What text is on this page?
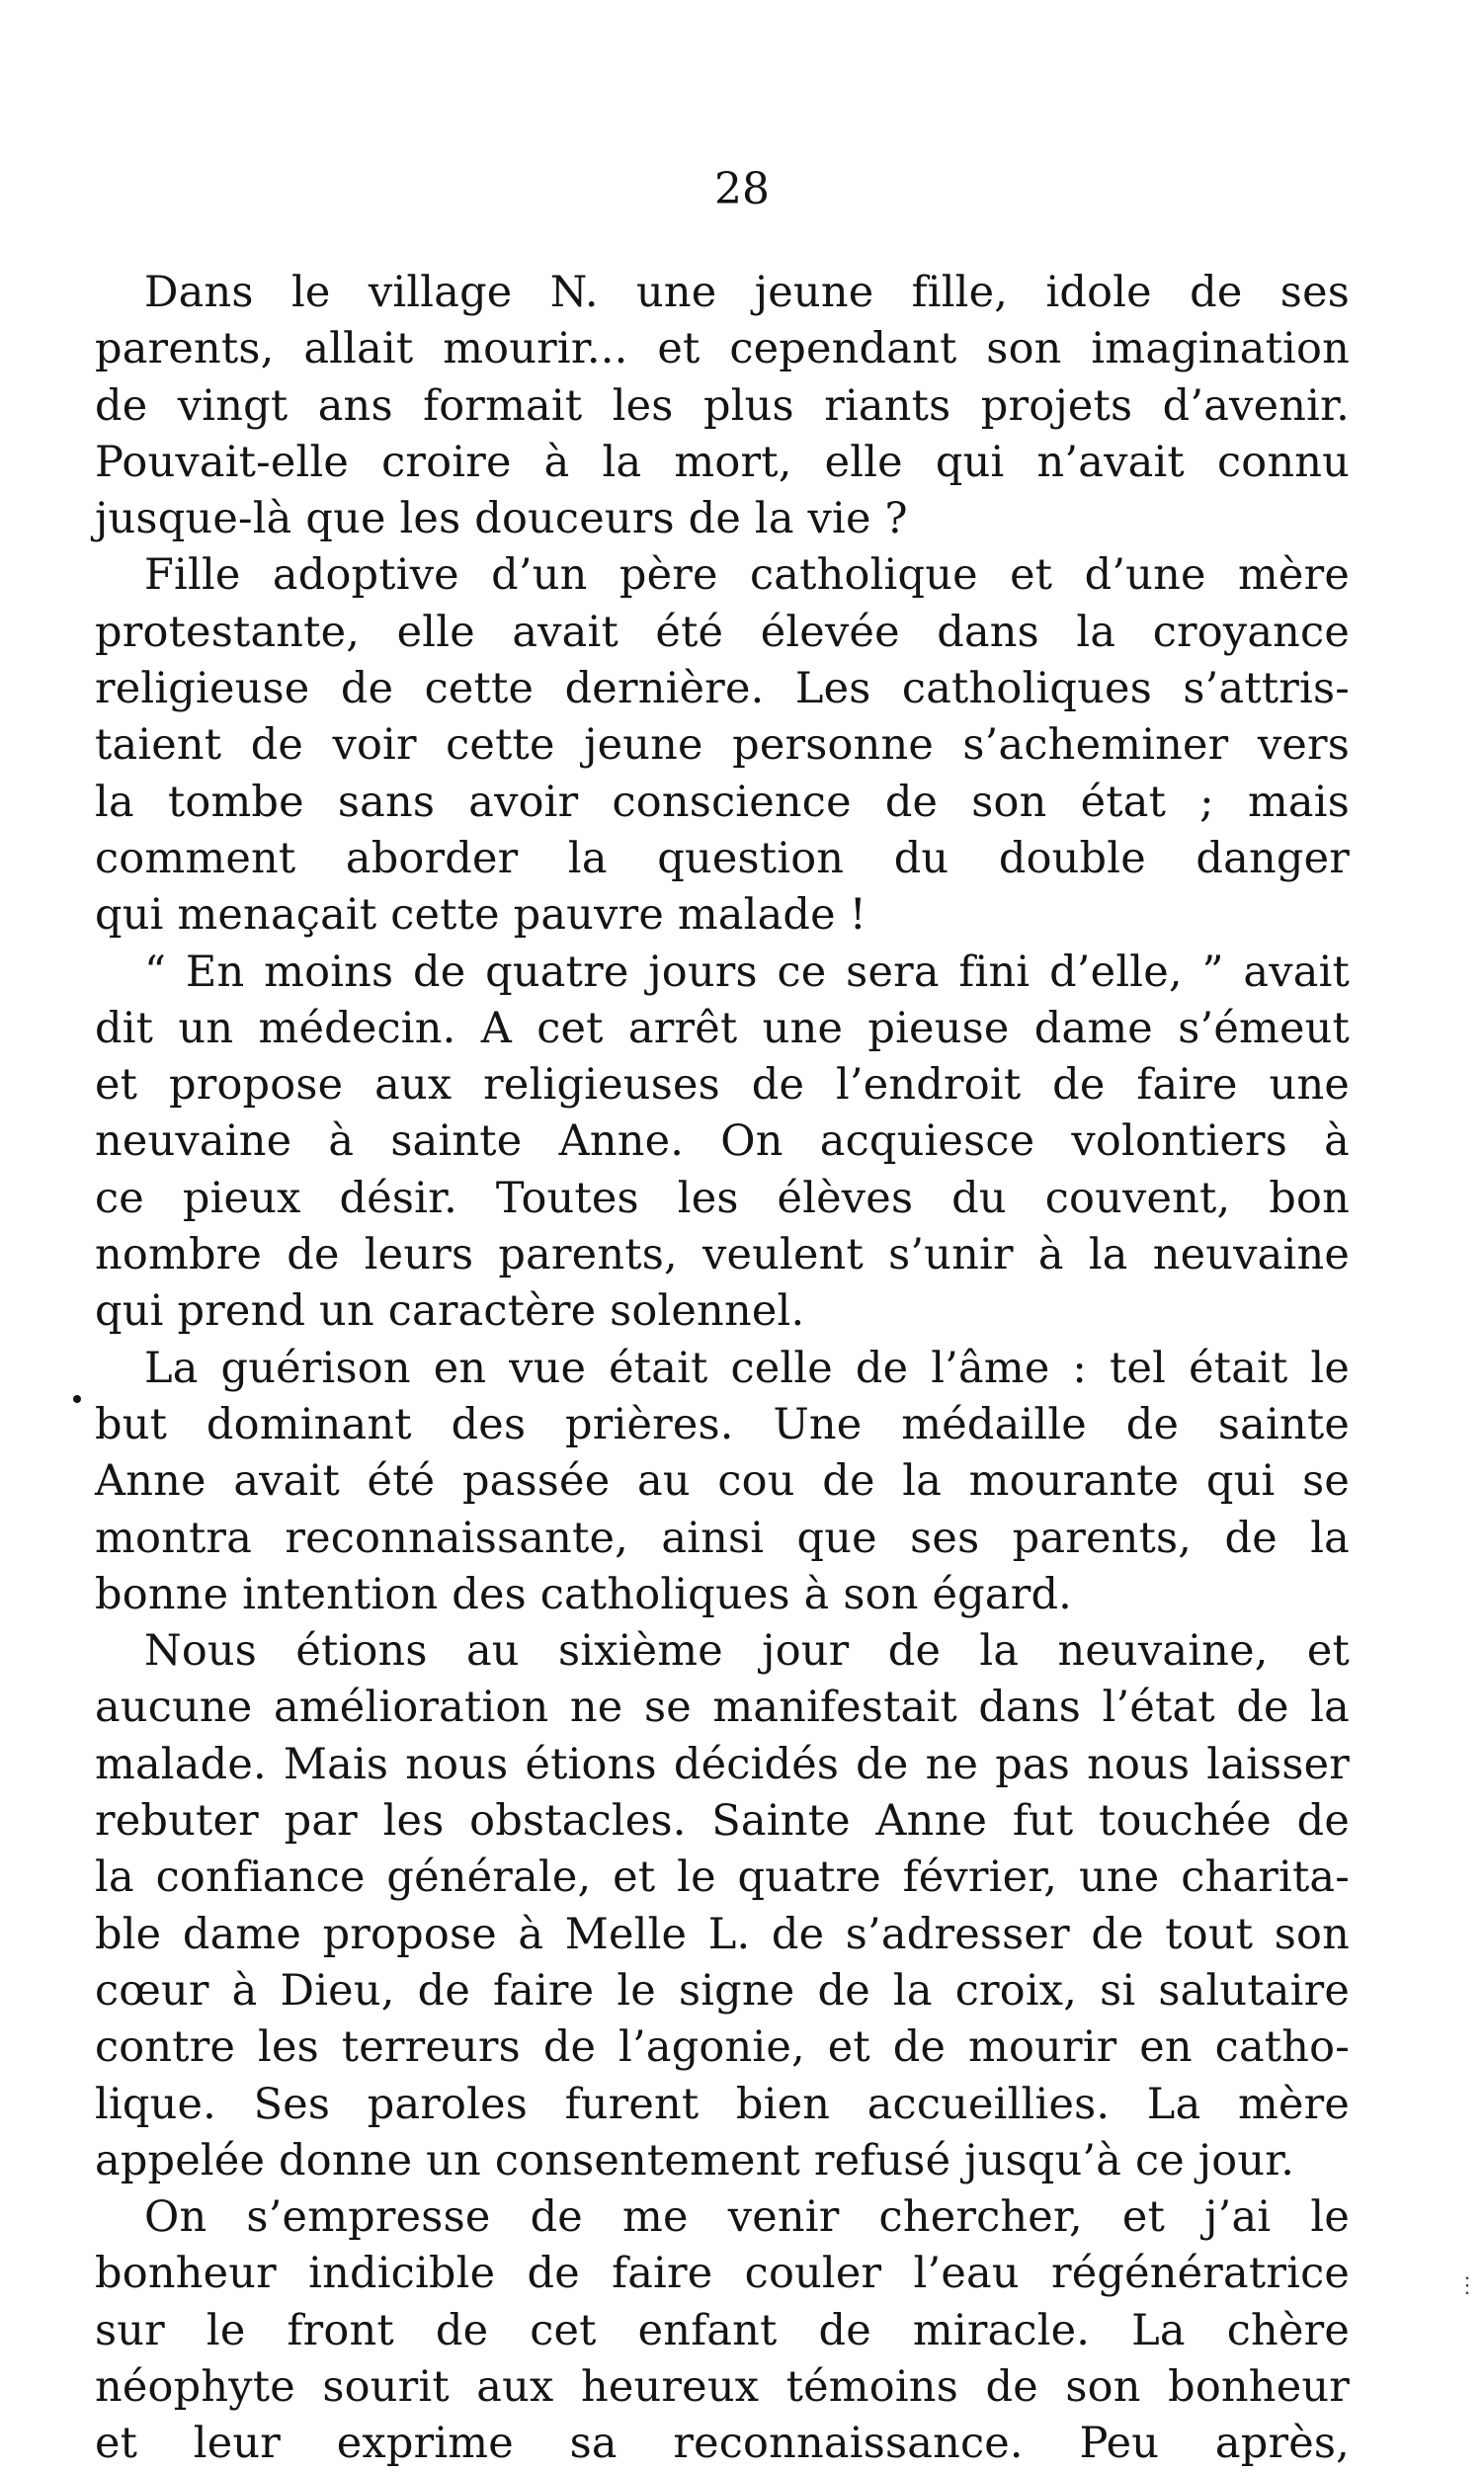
28
Dans le village N. une jeune fille, idole de ses
parents, allait mourir... et cependant son imagination
de vingt ans formait les plus riants projets d’avenir.
Pouvait-elle croire à la mort, elle qui n’avait connu
jusque-là que les douceurs de la vie ?
Fille adoptive d’un père catholique et d’une mère
protestante, elle avait été élevée dans la croyance
religieuse de cette dernière. Les catholiques s’attris-
taient de voir cette jeune personne s’acheminer vers
la tombe sans avoir conscience de son état ; mais
comment aborder la question du double danger
qui menaçait cette pauvre malade !
“ En moins de quatre jours ce sera fini d’elle, ” avait
dit un médecin. A cet arrêt une pieuse dame s’émeut
et propose aux religieuses de l’endroit de faire une
neuvaine à sainte Anne. On acquiesce volontiers à
ce pieux désir. Toutes les élèves du couvent, bon
nombre de leurs parents, veulent s’unir à la neuvaine
qui prend un caractère solennel.
La guérison en vue était celle de l’âme : tel était le
but dominant des prières. Une médaille de sainte
Anne avait été passée au cou de la mourante qui se
montra reconnaissante, ainsi que ses parents, de la
bonne intention des catholiques à son égard.
Nous étions au sixième jour de la neuvaine, et
aucune amélioration ne se manifestait dans l’état de la
malade. Mais nous étions décidés de ne pas nous laisser
rebuter par les obstacles. Sainte Anne fut touchée de
la confiance générale, et le quatre février, une charita-
ble dame propose à Melle L. de s’adresser de tout son
cœur à Dieu, de faire le signe de la croix, si salutaire
contre les terreurs de l’agonie, et de mourir en catho-
lique. Ses paroles furent bien accueillies. La mère
appelée donne un consentement refusé jusqu’à ce jour.
On s’empresse de me venir chercher, et j’ai le
bonheur indicible de faire couler l’eau régénératrice
sur le front de cet enfant de miracle. La chère
néophyte sourit aux heureux témoins de son bonheur
et leur exprime sa reconnaissance. Peu après,
⋮
